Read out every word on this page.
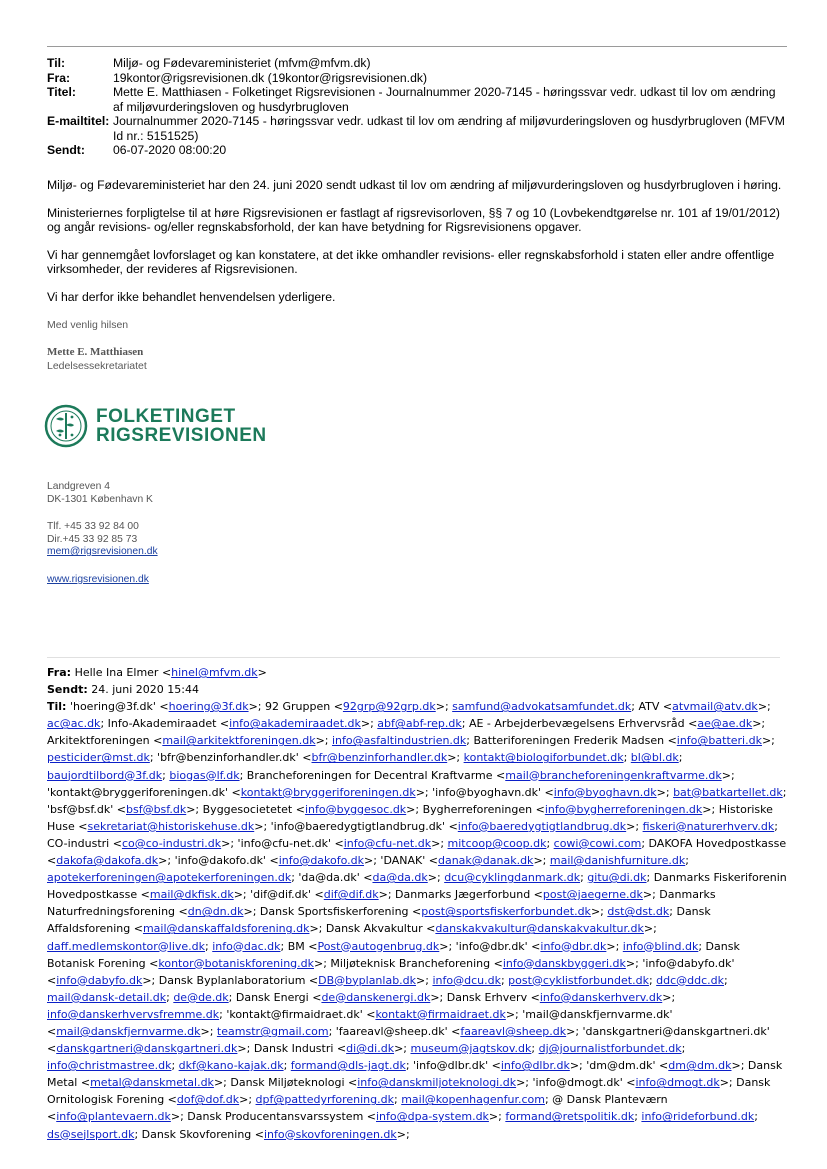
Til:	Miljø- og Fødevareministeriet (mfvm@mfvm.dk)
Fra:	19kontor@rigsrevisionen.dk (19kontor@rigsrevisionen.dk)
Titel:	Mette E. Matthiasen - Folketinget Rigsrevisionen - Journalnummer 2020-7145 - høringssvar vedr. udkast til lov om ændring af miljøvurderingsloven og husdyrbrugloven
E-mailtitel: Journalnummer 2020-7145 - høringssvar vedr. udkast til lov om ændring af miljøvurderingsloven og husdyrbrugloven (MFVM Id nr.: 5151525)
Sendt:	06-07-2020 08:00:20

Miljø- og Fødevareministeriet har den 24. juni 2020 sendt udkast til lov om ændring af miljøvurderingsloven og husdyrbrugloven i høring.

Ministeriernes forpligtelse til at høre Rigsrevisionen er fastlagt af rigsrevisorloven, §§ 7 og 10 (Lovbekendtgørelse nr. 101 af 19/01/2012) og angår revisions- og/eller regnskabsforhold, der kan have betydning for Rigsrevisionens opgaver.

Vi har gennemgået lovforslaget og kan konstatere, at det ikke omhandler revisions- eller regnskabsforhold i staten eller andre offentlige virksomheder, der revideres af Rigsrevisionen.

Vi har derfor ikke behandlet henvendelsen yderligere.

Med venlig hilsen
Mette E. Matthiasen
Ledelsessekretariatet
FOLKETINGET
RIGSREVISIONEN
Landgreven 4
DK-1301 København K
Tlf. +45 33 92 84 00
Dir.+45 33 92 85 73
mem@rigsrevisionen.dk
www.rigsrevisionen.dk
Fra: Helle Ina Elmer <hinel@mfvm.dk>
Sendt: 24. juni 2020 15:44
Til: 'hoering@3f.dk' <hoering@3f.dk>; 92 Gruppen <92grp@92grp.dk>; samfund@advokatsamfundet.dk; ATV <atvmail@atv.dk>; ac@ac.dk; Info-Akademiraadet <info@akademiraadet.dk>; abf@abf-rep.dk; AE - Arbejderbevægelsens Erhvervsråd <ae@ae.dk>; Arkitektforeningen <mail@arkitektforeningen.dk>; info@asfaltindustrien.dk; Batteriforeningen Frederik Madsen <info@batteri.dk>; pesticider@mst.dk; 'bfr@benzinforhandler.dk' <bfr@benzinforhandler.dk>; kontakt@biologiforbundet.dk; bl@bl.dk; baujordtilbord@3f.dk; biogas@lf.dk; Brancheforeningen for Decentral Kraftvarme <mail@brancheforeningenkraftvarme.dk>; 'kontakt@bryggeriforeningen.dk' <kontakt@bryggeriforeningen.dk>; 'info@byoghavn.dk' <info@byoghavn.dk>; bat@batkartellet.dk; 'bsf@bsf.dk' <bsf@bsf.dk>; Byggesocietetet <info@byggesoc.dk>; Bygherreforeningen <info@bygherreforeningen.dk>; Historiske Huse <sekretariat@historiskehuse.dk>; 'info@baeredygtigtlandbrug.dk' <info@baeredygtigtlandbrug.dk>; fiskeri@naturerhverv.dk; CO-industri <co@co-industri.dk>; 'info@cfu-net.dk' <info@cfu-net.dk>; mitcoop@coop.dk; cowi@cowi.com; DAKOFA Hovedpostkasse <dakofa@dakofa.dk>; 'info@dakofo.dk' <info@dakofo.dk>; 'DANAK' <danak@danak.dk>; mail@danishfurniture.dk; apotekerforeningen@apotekerforeningen.dk; 'da@da.dk' <da@da.dk>; dcu@cyklingdanmark.dk; gitu@di.dk; Danmarks Fiskeriforenin Hovedpostkasse <mail@dkfisk.dk>; 'dif@dif.dk' <dif@dif.dk>; Danmarks Jægerforbund <post@jaegerne.dk>; Danmarks Naturfredningsforening <dn@dn.dk>; Dansk Sportsfiskerforening <post@sportsfiskerforbundet.dk>; dst@dst.dk; Dansk Affaldsforening <mail@danskaffaldsforening.dk>; Dansk Akvakultur <danskakvakultur@danskakvakultur.dk>; daff.medlemskontor@live.dk; info@dac.dk; BM <Post@autogenbrug.dk>; 'info@dbr.dk' <info@dbr.dk>; info@blind.dk; Dansk Botanisk Forening <kontor@botaniskforening.dk>; Miljøteknisk Brancheforening <info@danskbyggeri.dk>; 'info@dabyfo.dk' <info@dabyfo.dk>; Dansk Byplanlaboratorium <DB@byplanlab.dk>; info@dcu.dk; post@cyklistforbundet.dk; ddc@ddc.dk; mail@dansk-detail.dk; de@de.dk; Dansk Energi <de@danskenergi.dk>; Dansk Erhverv <info@danskerhverv.dk>; info@danskerhvervsfremme.dk; 'kontakt@firmaidraet.dk' <kontakt@firmaidraet.dk>; 'mail@danskfjernvarme.dk' <mail@danskfjernvarme.dk>; teamstr@gmail.com; 'faareavl@sheep.dk' <faareavl@sheep.dk>; 'danskgartneri@danskgartneri.dk' <danskgartneri@danskgartneri.dk>; Dansk Industri <di@di.dk>; museum@jagtskov.dk; dj@journalistforbundet.dk; info@christmastree.dk; dkf@kano-kajak.dk; formand@dls-jagt.dk; 'info@dlbr.dk' <info@dlbr.dk>; 'dm@dm.dk' <dm@dm.dk>; Dansk Metal <metal@danskmetal.dk>; Dansk Miljøteknologi <info@danskmiljoteknologi.dk>; 'info@dmogt.dk' <info@dmogt.dk>; Dansk Ornitologisk Forening <dof@dof.dk>; dpf@pattedyrforening.dk; mail@kopenhagenfur.com; @ Dansk Planteværn <info@plantevaern.dk>; Dansk Producentansvarssystem <info@dpa-system.dk>; formand@retspolitik.dk; info@rideforbund.dk; ds@sejlsport.dk; Dansk Skovforening <info@skovforeningen.dk>;
